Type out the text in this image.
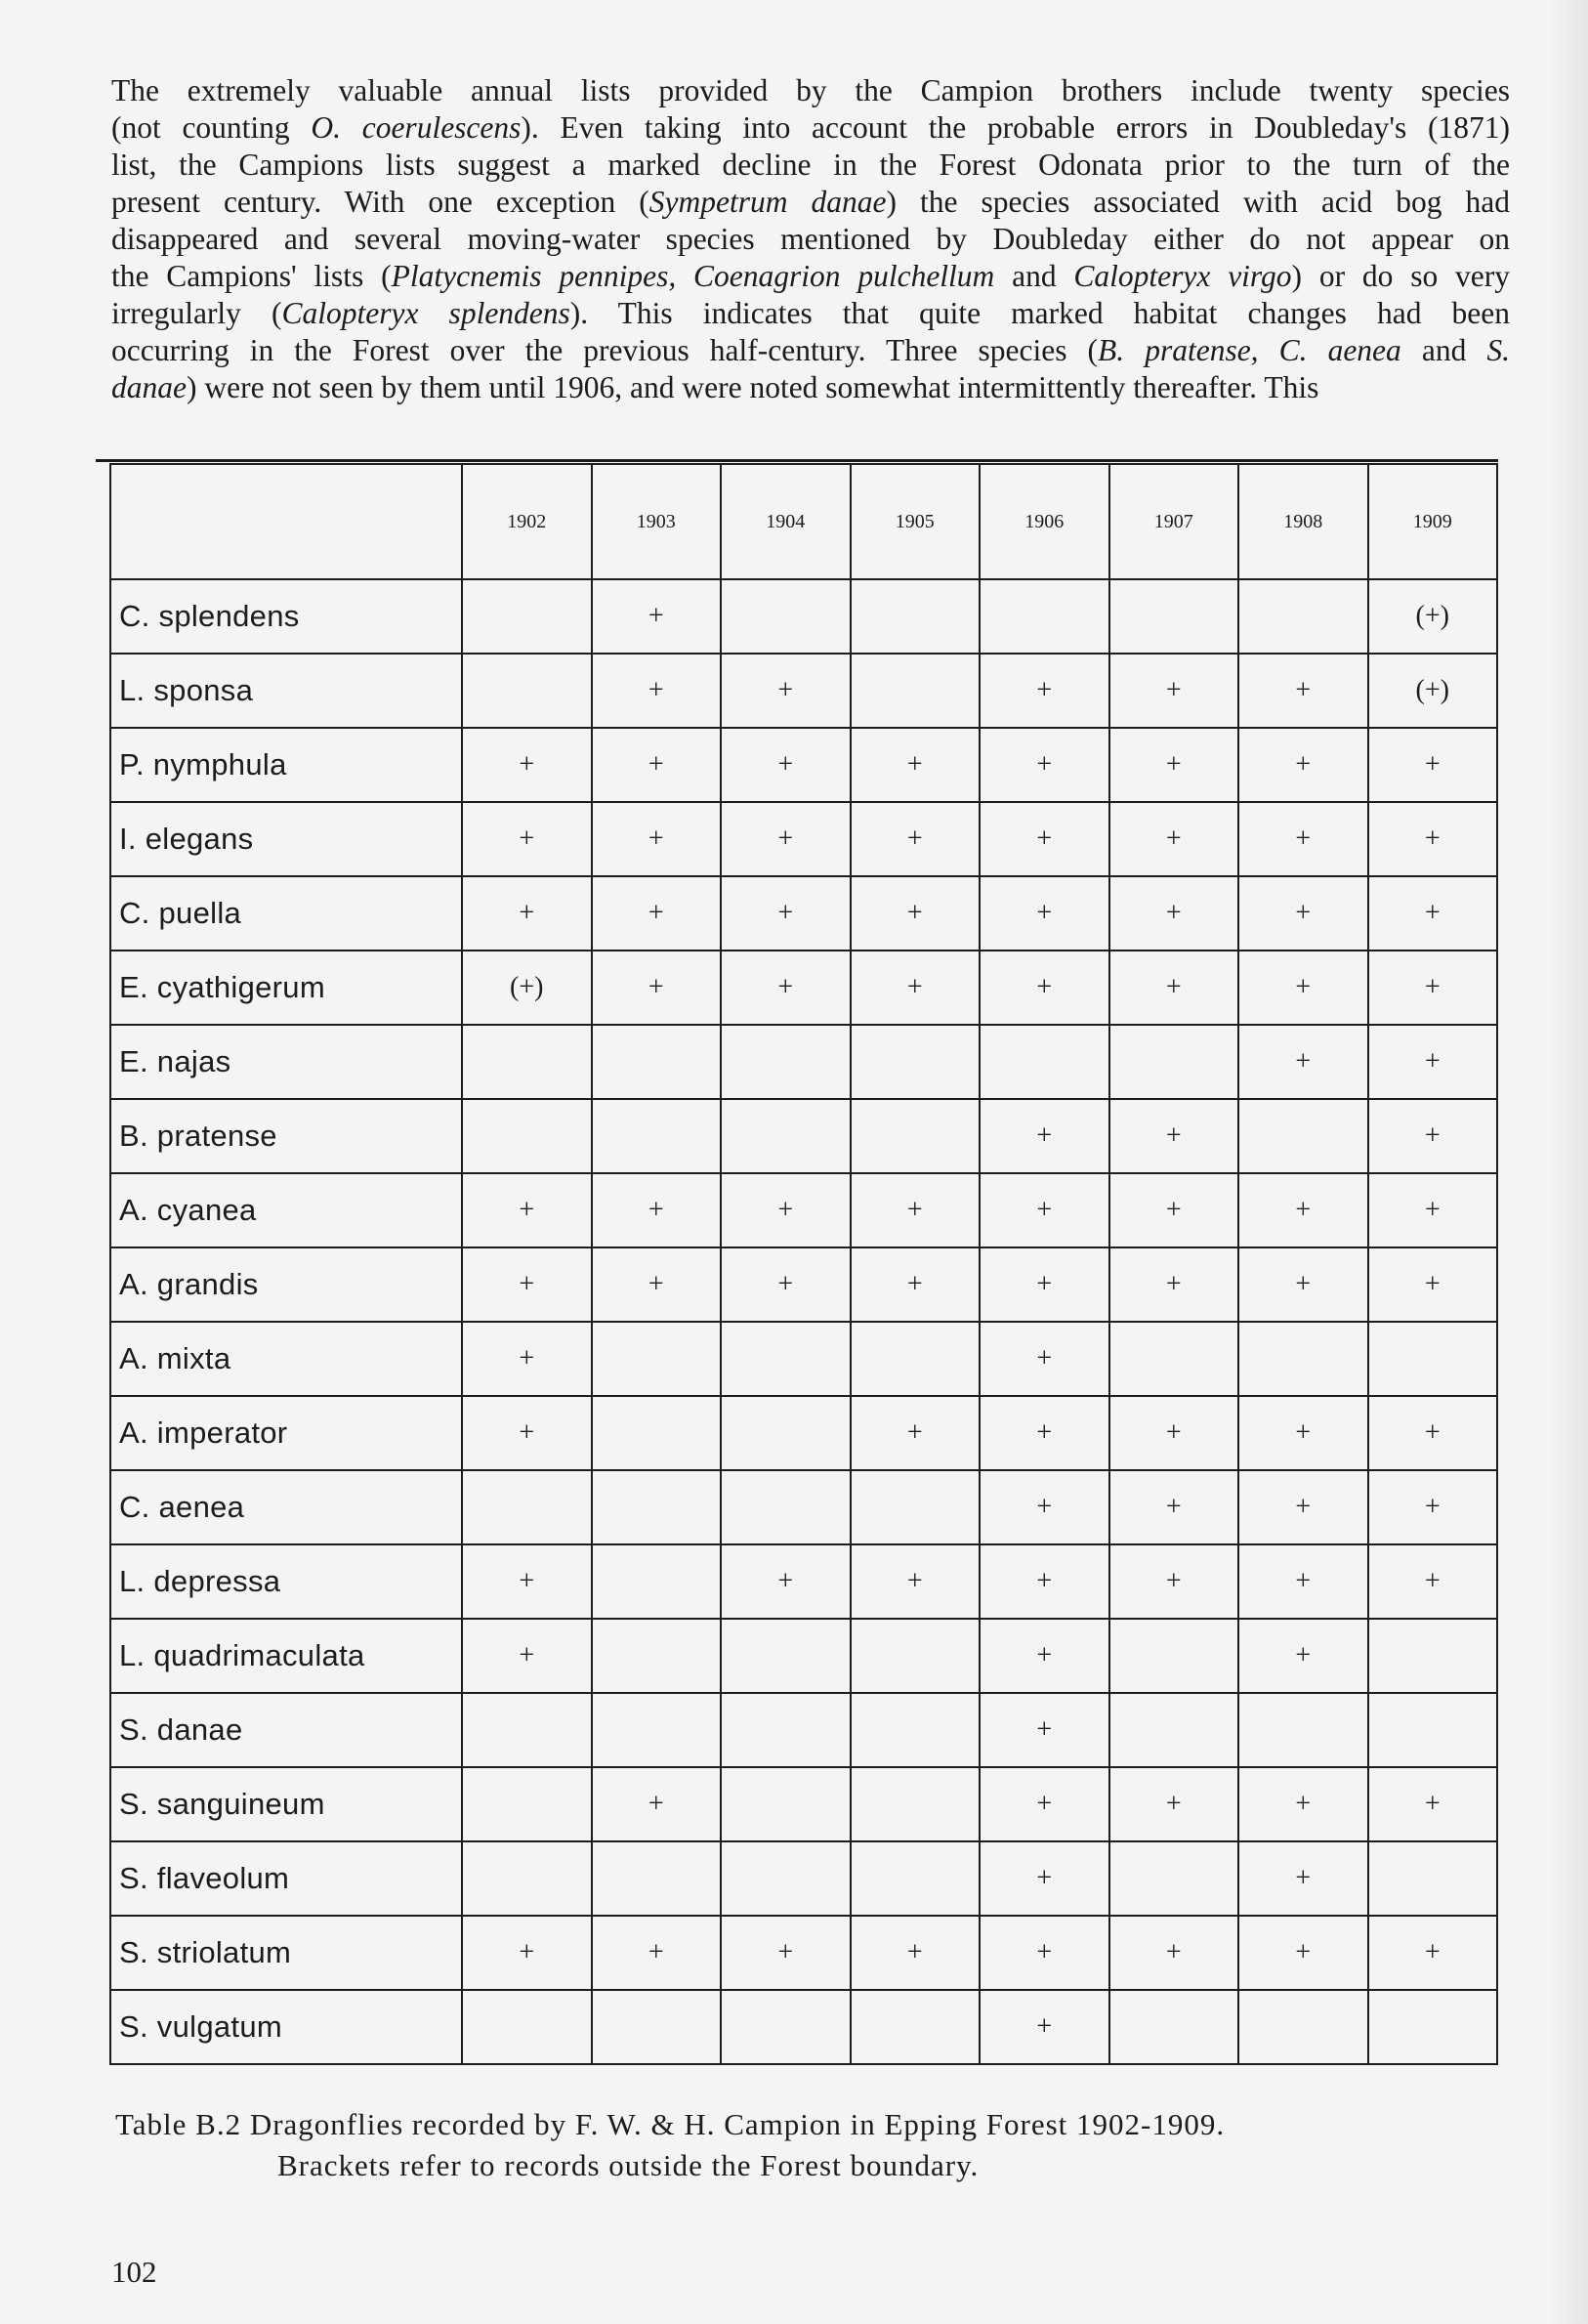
The extremely valuable annual lists provided by the Campion brothers include twenty species
(not counting O. coerulescens). Even taking into account the probable errors in Doubleday's (1871)
list, the Campions lists suggest a marked decline in the Forest Odonata prior to the turn of the
present century. With one exception (Sympetrum danae) the species associated with acid bog had
disappeared and several moving-water species mentioned by Doubleday either do not appear on
the Campions' lists (Platycnemis pennipes, Coenagrion pulchellum and Calopteryx virgo) or do so very
irregularly (Calopteryx splendens). This indicates that quite marked habitat changes had been
occurring in the Forest over the previous half-century. Three species (B. pratense, C. aenea and S.
danae) were not seen by them until 1906, and were noted somewhat intermittently thereafter. This

	1902	1903	1904	1905	1906	1907	1908	1909
C. splendens		+						(+)
L. sponsa		+	+		+	+	+	(+)
P. nymphula	+	+	+	+	+	+	+	+
I. elegans	+	+	+	+	+	+	+	+
C. puella	+	+	+	+	+	+	+	+
E. cyathigerum	(+)	+	+	+	+	+	+	+
E. najas							+	+
B. pratense					+	+		+
A. cyanea	+	+	+	+	+	+	+	+
A. grandis	+	+	+	+	+	+	+	+
A. mixta	+				+			
A. imperator	+			+	+	+	+	+
C. aenea					+	+	+	+
L. depressa	+		+	+	+	+	+	+
L. quadrimaculata	+				+		+	
S. danae					+			
S. sanguineum		+			+	+	+	+
S. flaveolum					+		+	
S. striolatum	+	+	+	+	+	+	+	+
S. vulgatum					+			

Table B.2 Dragonflies recorded by F. W. & H. Campion in Epping Forest 1902-1909.
Brackets refer to records outside the Forest boundary.

102
